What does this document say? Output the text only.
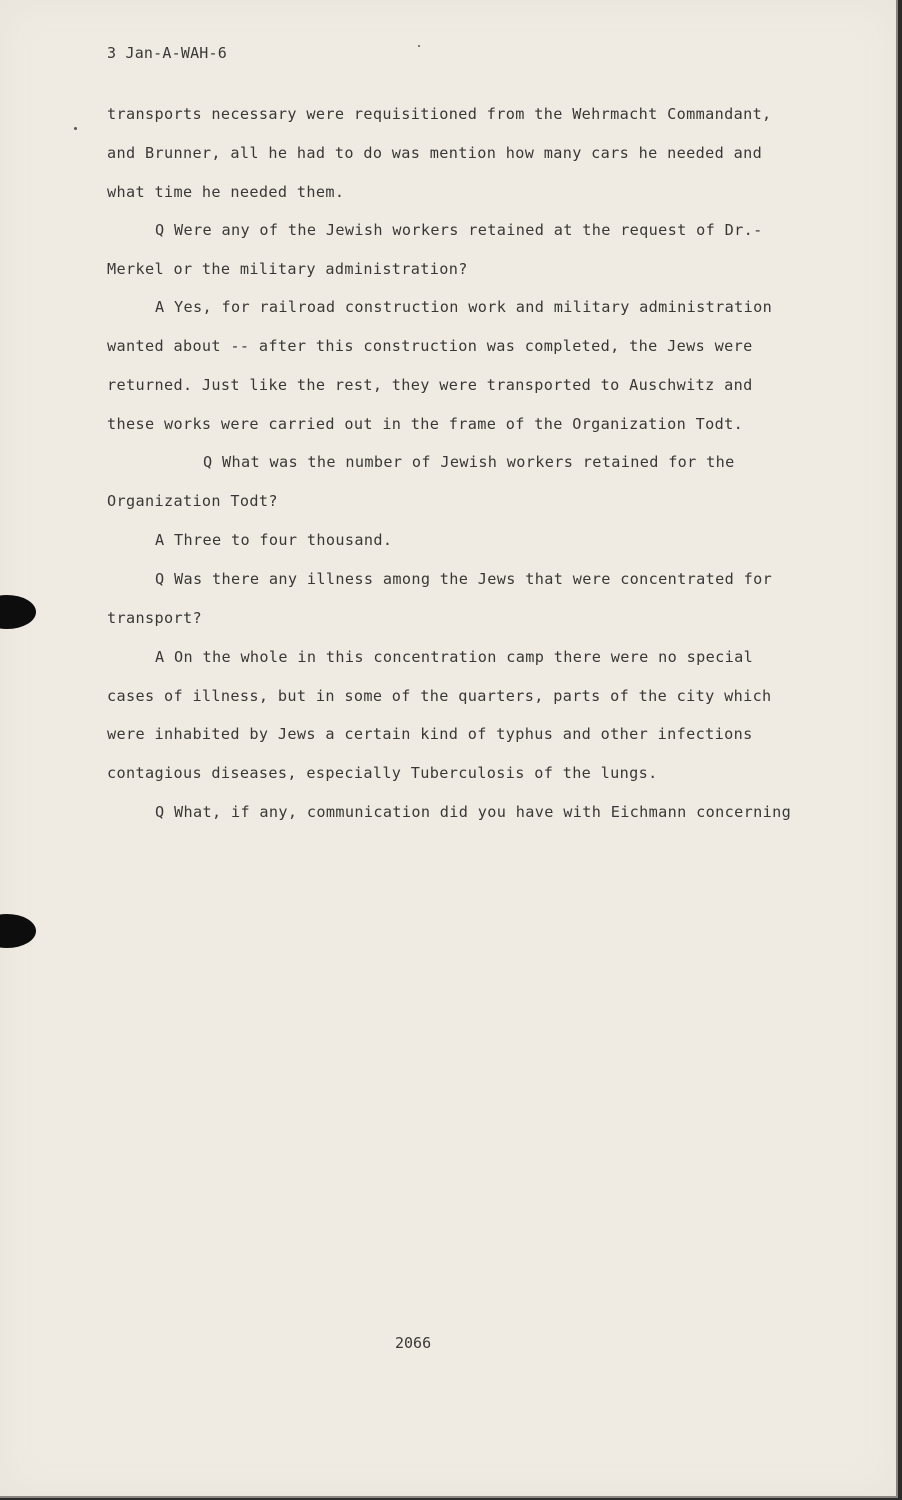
3 Jan-A-WAH-6
transports necessary were requisitioned from the Wehrmacht Commandant,
and Brunner, all he had to do was mention how many cars he needed and
what time he needed them.
Q Were any of the Jewish workers retained at the request of Dr.-
Merkel or the military administration?
A Yes, for railroad construction work and military administration
wanted about -- after this construction was completed, the Jews were
returned. Just like the rest, they were transported to Auschwitz and
these works were carried out in the frame of the Organization Todt.
Q What was the number of Jewish workers retained for the
Organization Todt?
A Three to four thousand.
Q Was there any illness among the Jews that were concentrated for
transport?
A On the whole in this concentration camp there were no special
cases of illness, but in some of the quarters, parts of the city which
were inhabited by Jews a certain kind of typhus and other infections
contagious diseases, especially Tuberculosis of the lungs.
Q What, if any, communication did you have with Eichmann concerning
2066
